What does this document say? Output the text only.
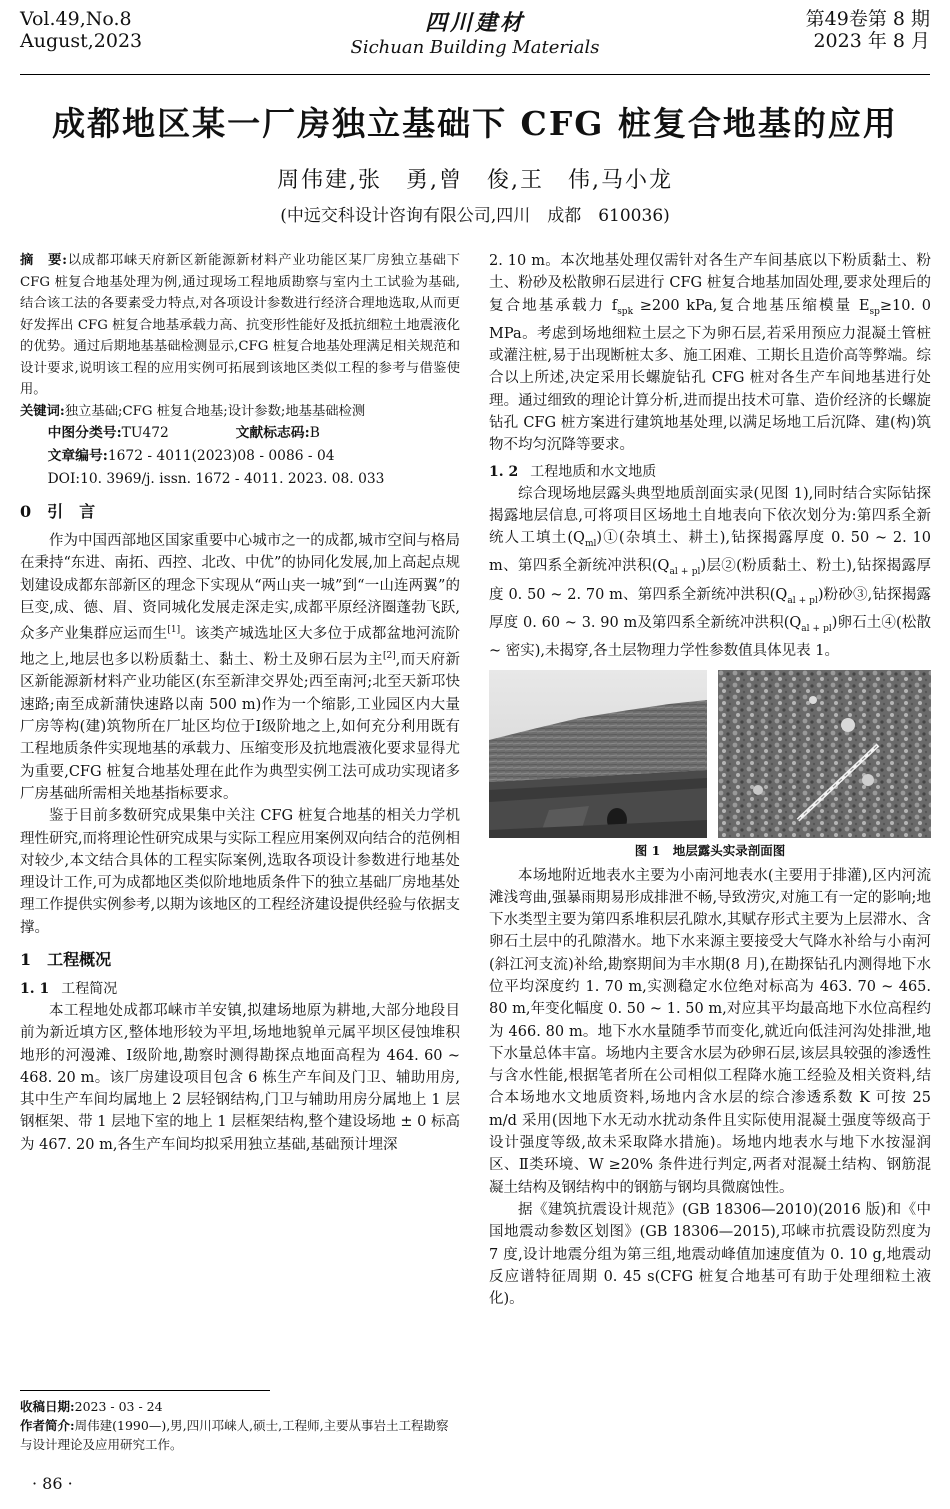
Vol.49,No.8
August,2023
四川建材
Sichuan Building Materials
第49卷第 8 期
2023 年 8 月
成都地区某一厂房独立基础下 CFG 桩复合地基的应用
周伟建,张　勇,曾　俊,王　伟,马小龙
(中远交科设计咨询有限公司,四川　成都　610036)

摘　要:以成都邛崃天府新区新能源新材料产业功能区某厂房独立基础下 CFG 桩复合地基处理为例,通过现场工程地质勘察与室内土工试验为基础,结合该工法的各要素受力特点,对各项设计参数进行经济合理地选取,从而更好发挥出 CFG 桩复合地基承载力高、抗变形性能好及抵抗细粒土地震液化的优势。通过后期地基基础检测显示,CFG 桩复合地基处理满足相关规范和设计要求,说明该工程的应用实例可拓展到该地区类似工程的参考与借鉴使用。

关键词:独立基础;CFG 桩复合地基;设计参数;地基基础检测

中图分类号:TU472	文献标志码:B

文章编号:1672 - 4011(2023)08 - 0086 - 04

DOI:10. 3969/j. issn. 1672 - 4011. 2023. 08. 033

0　引　言

作为中国西部地区国家重要中心城市之一的成都,城市空间与格局在秉持“东进、南拓、西控、北改、中优”的协同化发展,加上高起点规划建设成都东部新区的理念下实现从“两山夹一城”到“一山连两翼”的巨变,成、德、眉、资同城化发展走深走实,成都平原经济圈蓬勃飞跃,众多产业集群应运而生[1]。该类产城选址区大多位于成都盆地河流阶地之上,地层也多以粉质黏土、黏土、粉土及卵石层为主[2],而天府新区新能源新材料产业功能区(东至新津交界处;西至南河;北至天新邛快速路;南至成新蒲快速路以南 500 m)作为一个缩影,工业园区内大量厂房等构(建)筑物所在厂址区均位于Ⅰ级阶地之上,如何充分利用既有工程地质条件实现地基的承载力、压缩变形及抗地震液化要求显得尤为重要,CFG 桩复合地基处理在此作为典型实例工法可成功实现诸多厂房基础所需相关地基指标要求。

鉴于目前多数研究成果集中关注 CFG 桩复合地基的相关力学机理性研究,而将理论性研究成果与实际工程应用案例双向结合的范例相对较少,本文结合具体的工程实际案例,选取各项设计参数进行地基处理设计工作,可为成都地区类似阶地地质条件下的独立基础厂房地基处理工作提供实例参考,以期为该地区的工程经济建设提供经验与依据支撑。

1　工程概况
1. 1 工程简况

本工程地处成都邛崃市羊安镇,拟建场地原为耕地,大部分地段目前为新近填方区,整体地形较为平坦,场地地貌单元属平坝区侵蚀堆积地形的河漫滩、Ⅰ级阶地,勘察时测得勘探点地面高程为 464. 60 ~ 468. 20 m。该厂房建设项目包含 6 栋生产车间及门卫、辅助用房,其中生产车间均属地上 2 层轻钢结构,门卫与辅助用房分属地上 1 层钢框架、带 1 层地下室的地上 1 层框架结构,整个建设场地 ± 0 标高为 467. 20 m,各生产车间均拟采用独立基础,基础预计埋深

2. 10 m。本次地基处理仅需针对各生产车间基底以下粉质黏土、粉土、粉砂及松散卵石层进行 CFG 桩复合地基加固处理,要求处理后的复合地基承载力 $f_{spk} \ge 200$ kPa,复合地基压缩模量 $E_{sp}\ge 10$. 0 MPa。考虑到场地细粒土层之下为卵石层,若采用预应力混凝土管桩或灌注桩,易于出现断桩太多、施工困难、工期长且造价高等弊端。综合以上所述,决定采用长螺旋钻孔 CFG 桩对各生产车间地基进行处理。通过细致的理论计算分析,进而提出技术可靠、造价经济的长螺旋钻孔 CFG 桩方案进行建筑地基处理,以满足场地工后沉降、建(构)筑物不均匀沉降等要求。

1. 2 工程地质和水文地质

综合现场地层露头典型地质剖面实录(见图 1),同时结合实际钻探揭露地层信息,可将项目区场地土自地表向下依次划分为:第四系全新统人工填土$(Q_{ml})①$(杂填土、耕土),钻探揭露厚度 0. 50 ~ 2. 10 m、第四系全新统冲洪积$(Q_{al + pl})$层②(粉质黏土、粉土),钻探揭露厚度 0. 50 ~ 2. 70 m、第四系全新统冲洪积$(Q_{al + pl})$粉砂③,钻探揭露厚度 0. 60 ~ 3. 90 m及第四系全新统冲洪积$(Q_{al + pl})$卵石土④(松散 ~ 密实),未揭穿,各土层物理力学性参数值具体见表 1。

图 1　地层露头实录剖面图

本场地附近地表水主要为小南河地表水(主要用于排灌),区内河流滩浅弯曲,强暴雨期易形成排泄不畅,导致涝灾,对施工有一定的影响;地下水类型主要为第四系堆积层孔隙水,其赋存形式主要为上层滞水、含卵石土层中的孔隙潜水。地下水来源主要接受大气降水补给与小南河(斜江河支流)补给,勘察期间为丰水期(8 月),在勘探钻孔内测得地下水位平均深度约 1. 70 m,实测稳定水位绝对标高为 463. 70 ~ 465. 80 m,年变化幅度 0. 50 ~ 1. 50 m,对应其平均最高地下水位高程约为 466. 80 m。地下水水量随季节而变化,就近向低洼河沟处排泄,地下水量总体丰富。场地内主要含水层为砂卵石层,该层具较强的渗透性与含水性能,根据笔者所在公司相似工程降水施工经验及相关资料,结合本场地水文地质资料,场地内含水层的综合渗透系数 K 可按 25 m/d 采用(因地下水无动水扰动条件且实际使用混凝土强度等级高于设计强度等级,故未采取降水措施)。场地内地表水与地下水按湿润区、Ⅱ类环境、W ≥20% 条件进行判定,两者对混凝土结构、钢筋混凝土结构及钢结构中的钢筋与钢均具微腐蚀性。

据《建筑抗震设计规范》(GB 18306—2010)(2016 版)和《中国地震动参数区划图》(GB 18306—2015),邛崃市抗震设防烈度为 7 度,设计地震分组为第三组,地震动峰值加速度值为 0. 10 g,地震动反应谱特征周期 0. 45 s(CFG 桩复合地基可有助于处理细粒土液化)。

收稿日期:2023 - 03 - 24
作者简介:周伟建(1990—),男,四川邛崃人,硕士,工程师,主要从事岩土工程勘察与设计理论及应用研究工作。
· 86 ·
